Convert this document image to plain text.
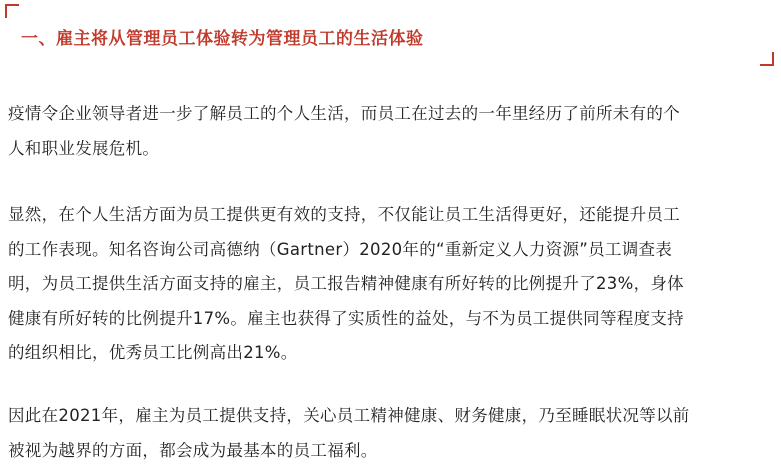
一、雇主将从管理员工体验转为管理员工的生活体验
疫情令企业领导者进一步了解员工的个人生活，而员工在过去的一年里经历了前所未有的个
人和职业发展危机。
显然，在个人生活方面为员工提供更有效的支持，不仅能让员工生活得更好，还能提升员工
的工作表现。知名咨询公司高德纳（Gartner）2020年的“重新定义人力资源”员工调查表
明，为员工提供生活方面支持的雇主，员工报告精神健康有所好转的比例提升了23%，身体
健康有所好转的比例提升17%。雇主也获得了实质性的益处，与不为员工提供同等程度支持
的组织相比，优秀员工比例高出21%。
因此在2021年，雇主为员工提供支持，关心员工精神健康、财务健康，乃至睡眠状况等以前
被视为越界的方面，都会成为最基本的员工福利。
